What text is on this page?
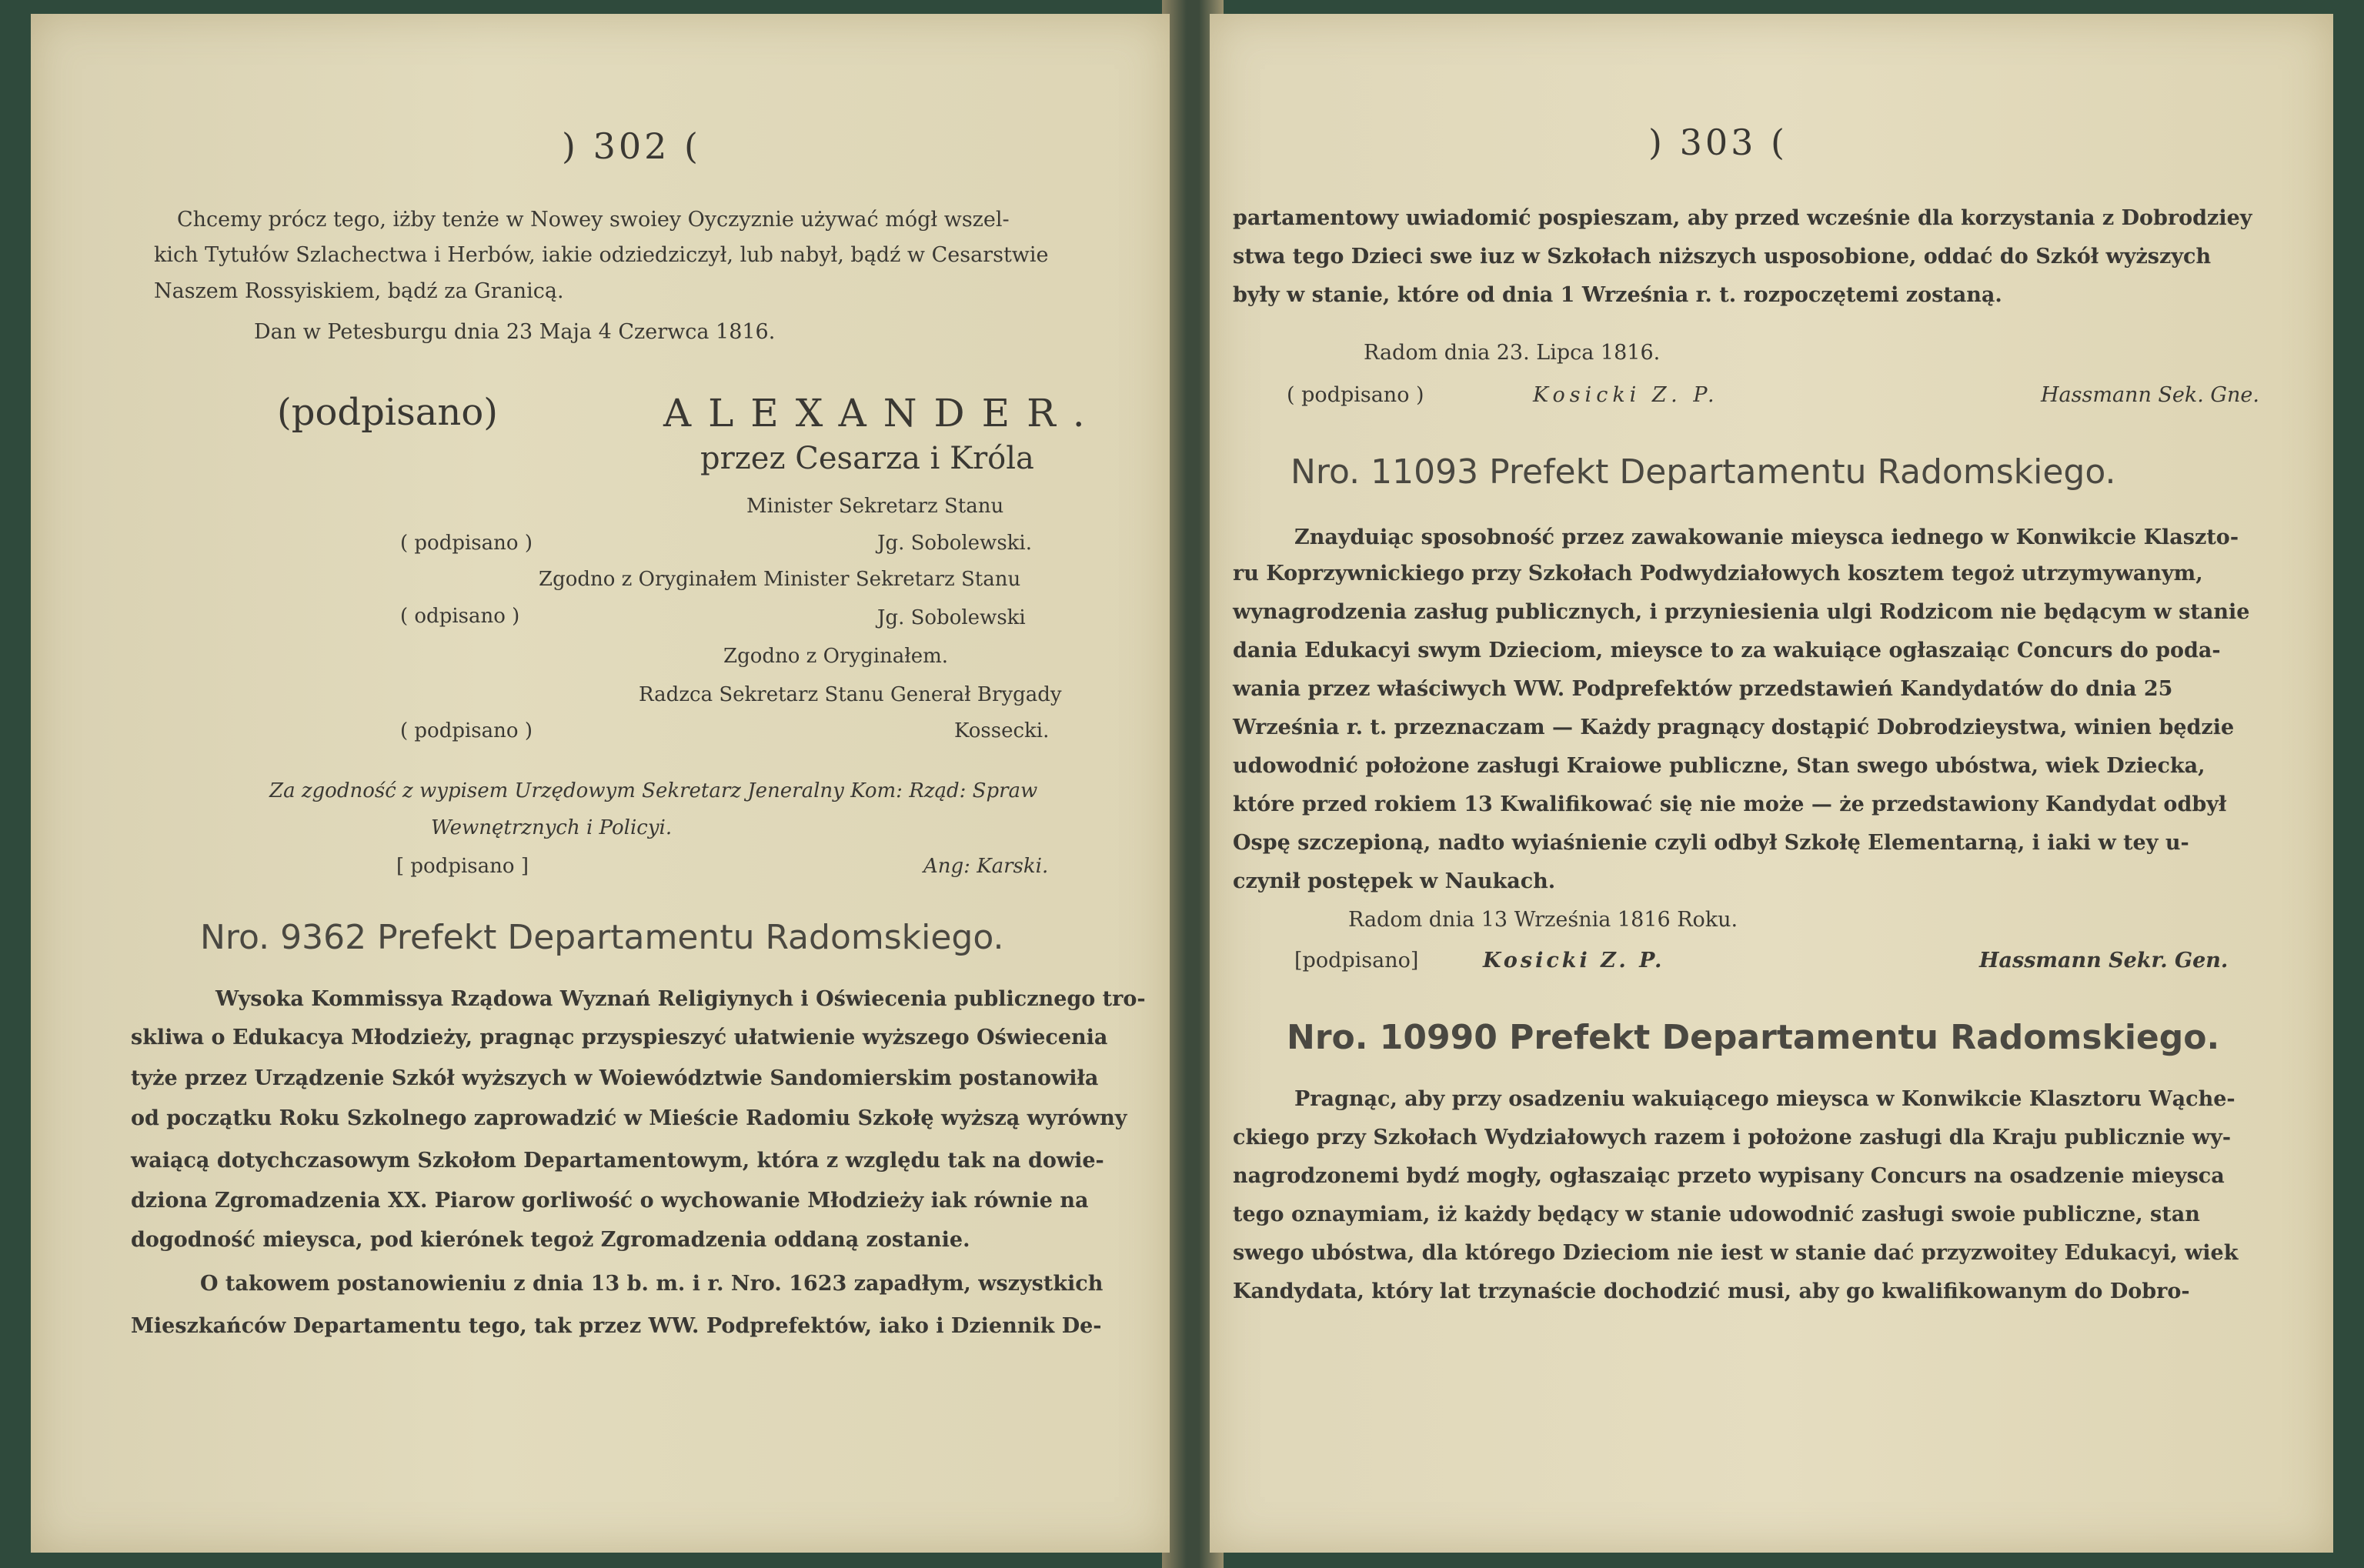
) 302 (
Chcemy prócz tego, iżby tenże w Nowey swoiey Oyczyznie używać mógł wszel-
kich Tytułów Szlachectwa i Herbów, iakie odziedziczył, lub nabył, bądź w Cesarstwie
Naszem Rossyiskiem, bądź za Granicą.
Dan w Petesburgu dnia 23 Maja 4 Czerwca 1816.
(podpisano)	ALEXANDER.
przez Cesarza i Króla
Minister Sekretarz Stanu
( podpisano )	Jg. Sobolewski.
Zgodno z Oryginałem Minister Sekretarz Stanu
( odpisano )	Jg. Sobolewski
Zgodno z Oryginałem.
Radzca Sekretarz Stanu Generał Brygady
( podpisano )	Kossecki.
Za zgodność z wypisem Urzędowym Sekretarz Jeneralny Kom: Rząd: Spraw
Wewnętrznych i Policyi.
[ podpisano ]	Ang: Karski.
Nro. 9362 Prefekt Departamentu Radomskiego.
Wysoka Kommissya Rządowa Wyznań Religiynych i Oświecenia publicznego tro-
skliwa o Edukacya Młodzieży, pragnąc przyspieszyć ułatwienie wyższego Oświecenia
tyże przez Urządzenie Szkół wyższych w Woiewództwie Sandomierskim postanowiła
od początku Roku Szkolnego zaprowadzić w Mieście Radomiu Szkołę wyższą wyrówny
waiącą dotychczasowym Szkołom Departamentowym, która z względu tak na dowie-
dziona Zgromadzenia XX. Piarow gorliwość o wychowanie Młodzieży iak równie na
dogodność mieysca, pod kierónek tegoż Zgromadzenia oddaną zostanie.
O takowem postanowieniu z dnia 13 b. m. i r. Nro. 1623 zapadłym, wszystkich
Mieszkańców Departamentu tego, tak przez WW. Podprefektów, iako i Dziennik De-
) 303 (
partamentowy uwiadomić pospieszam, aby przed wcześnie dla korzystania z Dobrodziey
stwa tego Dzieci swe iuz w Szkołach niższych usposobione, oddać do Szkół wyższych
były w stanie, które od dnia 1 Września r. t. rozpoczętemi zostaną.
Radom dnia 23. Lipca 1816.
( podpisano )	Kosicki Z. P.	Hassmann Sek. Gne.
Nro. 11093 Prefekt Departamentu Radomskiego.
Znayduiąc sposobność przez zawakowanie mieysca iednego w Konwikcie Klaszto-
ru Koprzywnickiego przy Szkołach Podwydziałowych kosztem tegoż utrzymywanym,
wynagrodzenia zasług publicznych, i przyniesienia ulgi Rodzicom nie będącym w stanie
dania Edukacyi swym Dzieciom, mieysce to za wakuiące ogłaszaiąc Concurs do poda-
wania przez właściwych WW. Podprefektów przedstawień Kandydatów do dnia 25
Września r. t. przeznaczam — Każdy pragnący dostąpić Dobrodzieystwa, winien będzie
udowodnić położone zasługi Kraiowe publiczne, Stan swego ubóstwa, wiek Dziecka,
które przed rokiem 13 Kwalifikować się nie może — że przedstawiony Kandydat odbył
Ospę szczepioną, nadto wyiaśnienie czyli odbył Szkołę Elementarną, i iaki w tey u-
czynił postępek w Naukach.
Radom dnia 13 Września 1816 Roku.
[podpisano]	Kosicki Z. P.	Hassmann Sekr. Gen.
Nro. 10990 Prefekt Departamentu Radomskiego.
Pragnąc, aby przy osadzeniu wakuiącego mieysca w Konwikcie Klasztoru Wąche-
ckiego przy Szkołach Wydziałowych razem i położone zasługi dla Kraju publicznie wy-
nagrodzonemi bydź mogły, ogłaszaiąc przeto wypisany Concurs na osadzenie mieysca
tego oznaymiam, iż każdy będący w stanie udowodnić zasługi swoie publiczne, stan
swego ubóstwa, dla którego Dzieciom nie iest w stanie dać przyzwoitey Edukacyi, wiek
Kandydata, który lat trzynaście dochodzić musi, aby go kwalifikowanym do Dobro-
